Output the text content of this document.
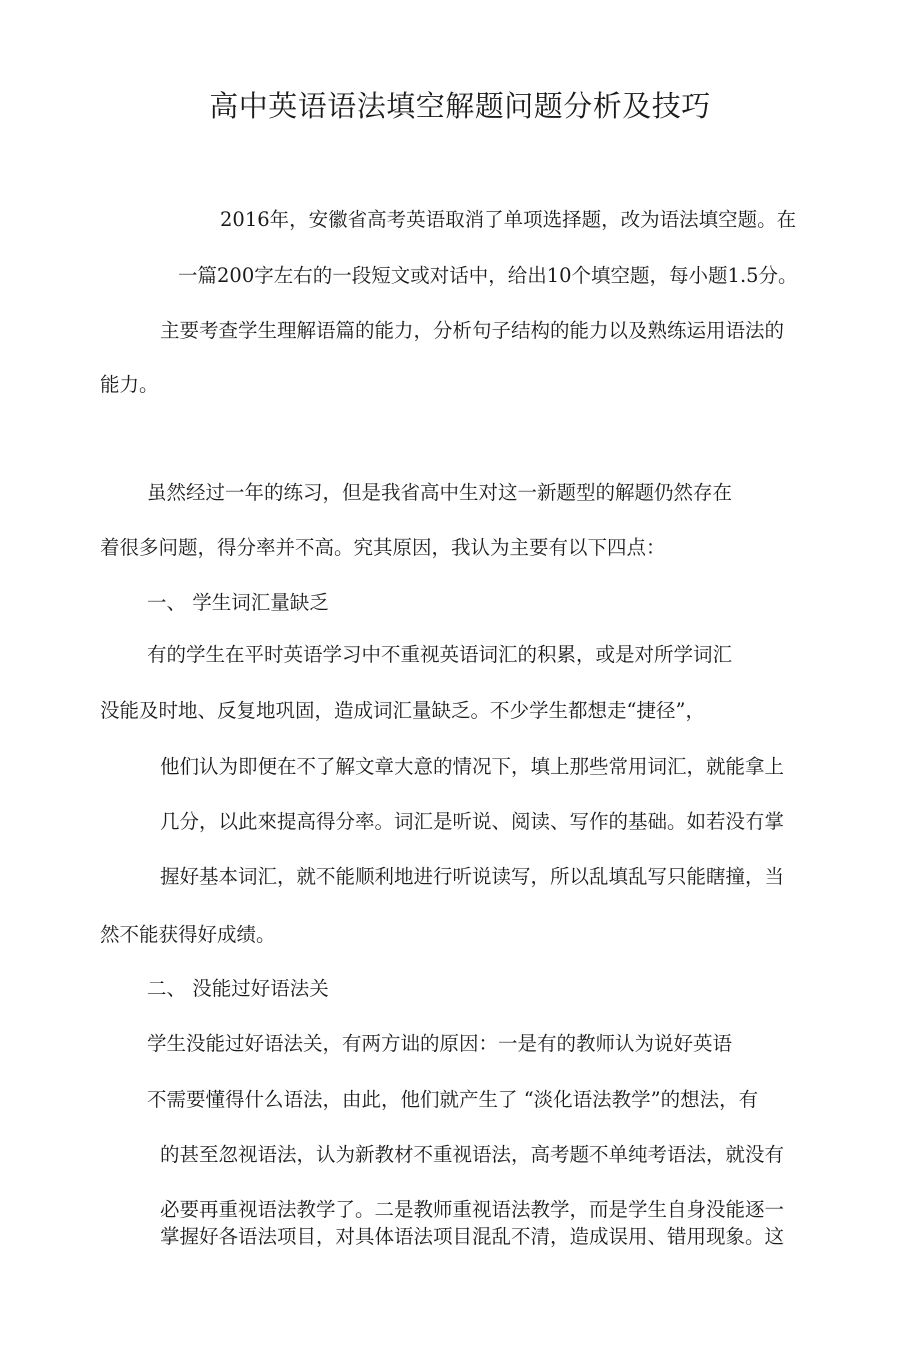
高中英语语法填空解题问题分析及技巧
2016年，安徽省高考英语取消了单项选择题，改为语法填空题。在
一篇200字左右的一段短文或对话中，给出10个填空题，每小题1.5分。
主要考查学生理解语篇的能力，分析句子结构的能力以及熟练运用语法的
能力。
虽然经过一年的练习，但是我省高中生对这一新题型的解题仍然存在
着很多问题，得分率并不高。究其原因，我认为主要有以下四点：
一、 学生词汇量缺乏
有的学生在平时英语学习中不重视英语词汇的积累，或是对所学词汇
没能及时地、反复地巩固，造成词汇量缺乏。不少学生都想走“捷径”，
他们认为即便在不了解文章大意的情况下，填上那些常用词汇，就能拿上
几分，以此來提高得分率。词汇是听说、阅读、写作的基础。如若没冇掌
握好基本词汇，就不能顺利地进行听说读写，所以乱填乱写只能瞎撞，当
然不能获得好成绩。
二、 没能过好语法关
学生没能过好语法关，有两方诎的原因：一是有的教师认为说好英语
不需要懂得什么语法，由此，他们就产生了 “淡化语法教学”的想法，有
的甚至忽视语法，认为新教材不重视语法，高考题不单纯考语法，就没有
必要再重视语法教学了。二是教师重视语法教学，而是学生自身没能逐一
掌握好各语法项目，对具体语法项目混乱不清，造成误用、错用现象。这
